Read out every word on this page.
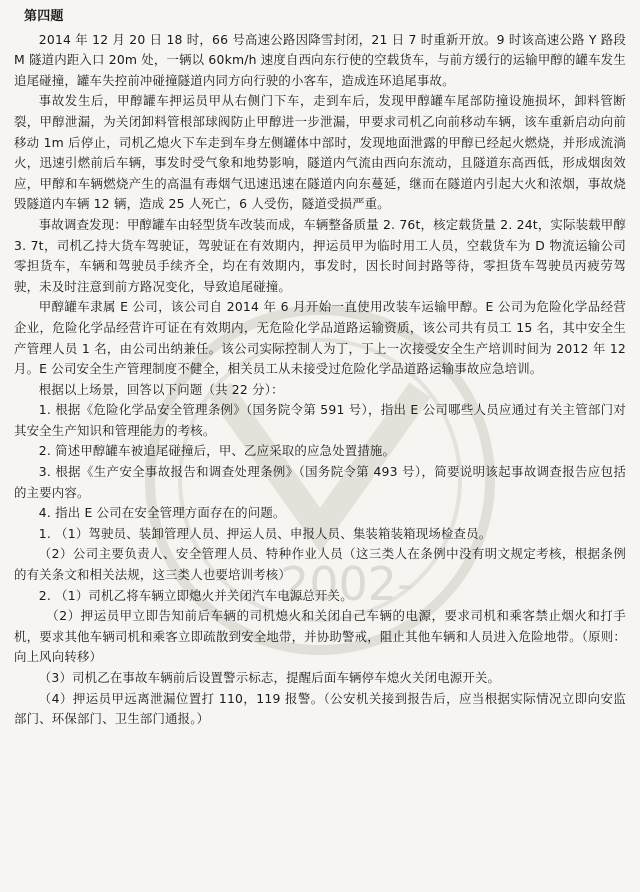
2002-
第四题

2014 年 12 月 20 日 18 时，66 号高速公路因降雪封闭，21 日 7 时重新开放。9 时该高速公路 Y 路段 M 隧道内距入口 20m 处，一辆以 60km/h 速度自西向东行使的空载货车，与前方缓行的运输甲醇的罐车发生追尾碰撞，罐车失控前冲碰撞隧道内同方向行驶的小客车，造成连环追尾事故。

事故发生后，甲醇罐车押运员甲从右侧门下车，走到车后，发现甲醇罐车尾部防撞设施损坏，卸料管断裂，甲醇泄漏，为关闭卸料管根部球阀防止甲醇进一步泄漏，甲要求司机乙向前移动车辆，该车重新启动向前移动 1m 后停止，司机乙熄火下车走到车身左侧罐体中部时，发现地面泄露的甲醇已经起火燃烧，并形成流淌火，迅速引燃前后车辆，事发时受气象和地势影响，隧道内气流由西向东流动，且隧道东高西低，形成烟囱效应，甲醇和车辆燃烧产生的高温有毒烟气迅速迅速在隧道内向东蔓延，继而在隧道内引起大火和浓烟，事故烧毁隧道内车辆 12 辆，造成 25 人死亡，6 人受伤，隧道受损严重。

事故调查发现：甲醇罐车由轻型货车改装而成，车辆整备质量 2. 76t，核定载货量 2. 24t，实际装载甲醇 3. 7t，司机乙持大货车驾驶证，驾驶证在有效期内，押运员甲为临时用工人员，空载货车为 D 物流运输公司零担货车，车辆和驾驶员手续齐全，均在有效期内，事发时，因长时间封路等待，零担货车驾驶员丙疲劳驾驶，未及时注意到前方路况变化，导致追尾碰撞。

甲醇罐车隶属 E 公司，该公司自 2014 年 6 月开始一直使用改装车运输甲醇。E 公司为危险化学品经营企业，危险化学品经营许可证在有效期内，无危险化学品道路运输资质，该公司共有员工 15 名，其中安全生产管理人员 1 名，由公司出纳兼任。该公司实际控制人为丁，丁上一次接受安全生产培训时间为 2012 年 12 月。E 公司安全生产管理制度不健全，相关员工从未接受过危险化学品道路运输事故应急培训。

根据以上场景，回答以下问题（共 22 分）：

1. 根据《危险化学品安全管理条例》（国务院令第 591 号），指出 E 公司哪些人员应通过有关主管部门对其安全生产知识和管理能力的考核。

2. 简述甲醇罐车被追尾碰撞后，甲、乙应采取的应急处置措施。

3. 根据《生产安全事故报告和调查处理条例》（国务院令第 493 号），简要说明该起事故调查报告应包括的主要内容。

4. 指出 E 公司在安全管理方面存在的问题。

1. （1）驾驶员、装卸管理人员、押运人员、申报人员、集装箱装箱现场检查员。

（2）公司主要负责人、安全管理人员、特种作业人员（这三类人在条例中没有明文规定考核，根据条例的有关条文和相关法规，这三类人也要培训考核）

2. （1）司机乙将车辆立即熄火并关闭汽车电源总开关。

（2）押运员甲立即告知前后车辆的司机熄火和关闭自己车辆的电源，要求司机和乘客禁止烟火和打手机，要求其他车辆司机和乘客立即疏散到安全地带，并协助警戒，阻止其他车辆和人员进入危险地带。（原则：向上风向转移）

（3）司机乙在事故车辆前后设置警示标志，提醒后面车辆停车熄火关闭电源开关。

（4）押运员甲远离泄漏位置打 110，119 报警。（公安机关接到报告后，应当根据实际情况立即向安监部门、环保部门、卫生部门通报。）
